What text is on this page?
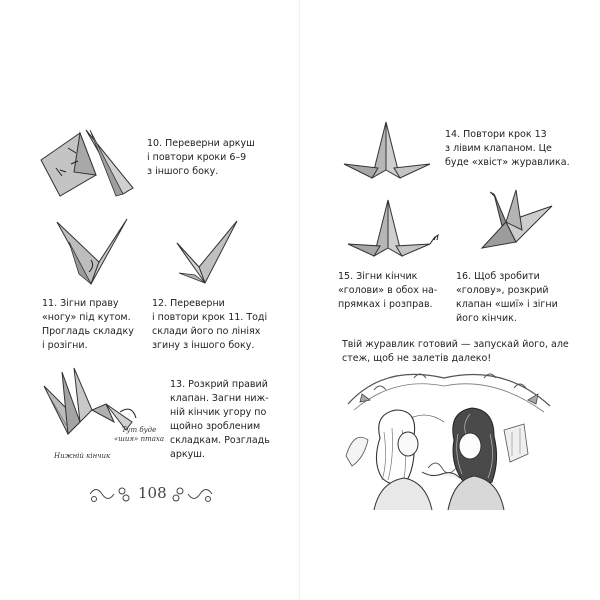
10. Переверни аркуш
і повтори кроки 6–9
з іншого боку.
11. Зігни праву
«ногу» під кутом.
Прогладь складку
і розігни.
12. Переверни
і повтори крок 11. Тоді
склади його по лініях
згину з іншого боку.
Тут буде
«шия» птаха
Нижній кінчик
13. Розкрий правий
клапан. Загни ниж-
ній кінчик угору по
щойно зробленим
складкам. Розгладь
аркуш.
108
14. Повтори крок 13
з лівим клапаном. Це
буде «хвіст» журавлика.
15. Зігни кінчик
«голови» в обох на-
прямках і розправ.
16. Щоб зробити
«голову», розкрий
клапан «шиї» і зігни
його кінчик.
Твій журавлик готовий — запускай його, але
стеж, щоб не залетів далеко!
